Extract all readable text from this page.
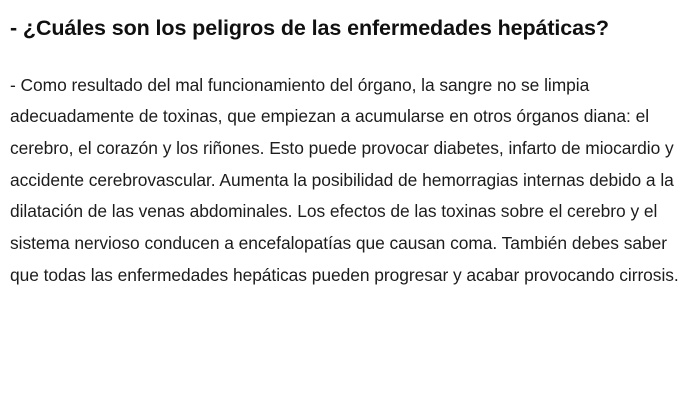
- ¿Cuáles son los peligros de las enfermedades hepáticas?

- Como resultado del mal funcionamiento del órgano, la sangre no se limpia adecuadamente de toxinas, que empiezan a acumularse en otros órganos diana: el cerebro, el corazón y los riñones. Esto puede provocar diabetes, infarto de miocardio y accidente cerebrovascular. Aumenta la posibilidad de hemorragias internas debido a la dilatación de las venas abdominales. Los efectos de las toxinas sobre el cerebro y el sistema nervioso conducen a encefalopatías que causan coma. También debes saber que todas las enfermedades hepáticas pueden progresar y acabar provocando cirrosis.
